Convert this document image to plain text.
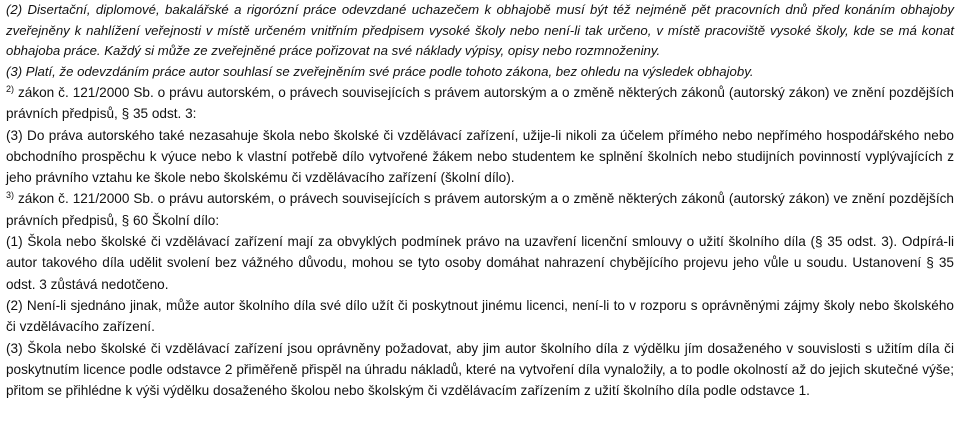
(2) Disertační, diplomové, bakalářské a rigorózní práce odevzdané uchazečem k obhajobě musí být též nejméně pět pracovních dnů před konáním obhajoby zveřejněny k nahlížení veřejnosti v místě určeném vnitřním předpisem vysoké školy nebo není-li tak určeno, v místě pracoviště vysoké školy, kde se má konat obhajoba práce. Každý si může ze zveřejněné práce pořizovat na své náklady výpisy, opisy nebo rozmnoženiny.

(3) Platí, že odevzdáním práce autor souhlasí se zveřejněním své práce podle tohoto zákona, bez ohledu na výsledek obhajoby.

$^{2)}$ zákon č. 121/2000 Sb. o právu autorském, o právech souvisejících s právem autorským a o změně některých zákonů (autorský zákon) ve znění pozdějších právních předpisů, § 35 odst. 3:

(3) Do práva autorského také nezasahuje škola nebo školské či vzdělávací zařízení, užije-li nikoli za účelem přímého nebo nepřímého hospodářského nebo obchodního prospěchu k výuce nebo k vlastní potřebě dílo vytvořené žákem nebo studentem ke splnění školních nebo studijních povinností vyplývajících z jeho právního vztahu ke škole nebo školskému či vzdělávacího zařízení (školní dílo).

$^{3)}$ zákon č. 121/2000 Sb. o právu autorském, o právech souvisejících s právem autorským a o změně některých zákonů (autorský zákon) ve znění pozdějších právních předpisů, § 60 Školní dílo:

(1) Škola nebo školské či vzdělávací zařízení mají za obvyklých podmínek právo na uzavření licenční smlouvy o užití školního díla (§ 35 odst. 3). Odpírá-li autor takového díla udělit svolení bez vážného důvodu, mohou se tyto osoby domáhat nahrazení chybějícího projevu jeho vůle u soudu. Ustanovení § 35 odst. 3 zůstává nedotčeno.

(2) Není-li sjednáno jinak, může autor školního díla své dílo užít či poskytnout jinému licenci, není-li to v rozporu s oprávněnými zájmy školy nebo školského či vzdělávacího zařízení.

(3) Škola nebo školské či vzdělávací zařízení jsou oprávněny požadovat, aby jim autor školního díla z výdělku jím dosaženého v souvislosti s užitím díla či poskytnutím licence podle odstavce 2 přiměřeně přispěl na úhradu nákladů, které na vytvoření díla vynaložily, a to podle okolností až do jejich skutečné výše; přitom se přihlédne k výši výdělku dosaženého školou nebo školským či vzdělávacím zařízením z užití školního díla podle odstavce 1.
